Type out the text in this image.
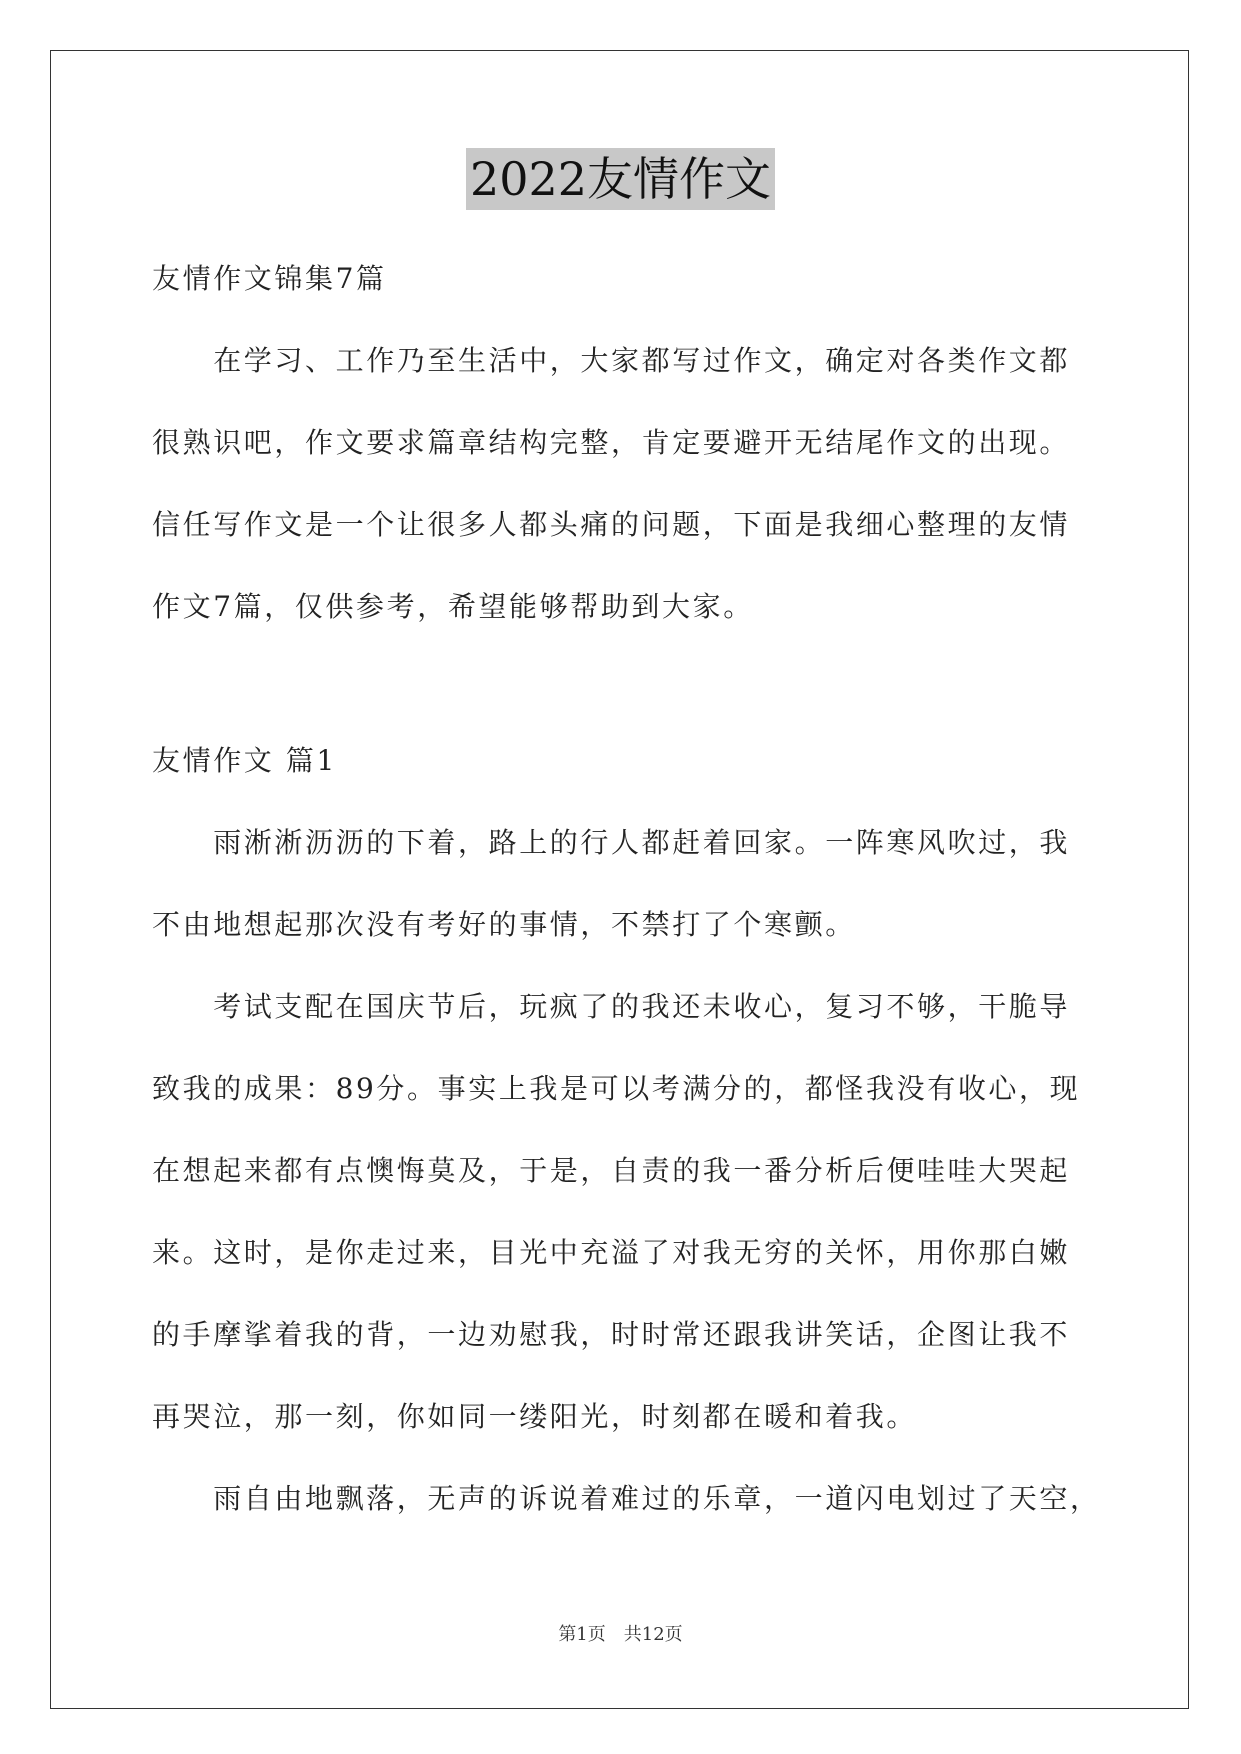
2022友情作文
友情作文锦集7篇
　　在学习、工作乃至生活中，大家都写过作文，确定对各类作文都
很熟识吧，作文要求篇章结构完整，肯定要避开无结尾作文的出现。
信任写作文是一个让很多人都头痛的问题，下面是我细心整理的友情
作文7篇，仅供参考，希望能够帮助到大家。
友情作文 篇1
　　雨淅淅沥沥的下着，路上的行人都赶着回家。一阵寒风吹过，我
不由地想起那次没有考好的事情，不禁打了个寒颤。
　　考试支配在国庆节后，玩疯了的我还未收心，复习不够，干脆导
致我的成果：89分。事实上我是可以考满分的，都怪我没有收心，现
在想起来都有点懊悔莫及，于是，自责的我一番分析后便哇哇大哭起
来。这时，是你走过来，目光中充溢了对我无穷的关怀，用你那白嫩
的手摩挲着我的背，一边劝慰我，时时常还跟我讲笑话，企图让我不
再哭泣，那一刻，你如同一缕阳光，时刻都在暖和着我。
　　雨自由地飘落，无声的诉说着难过的乐章，一道闪电划过了天空，
第1页　共12页
